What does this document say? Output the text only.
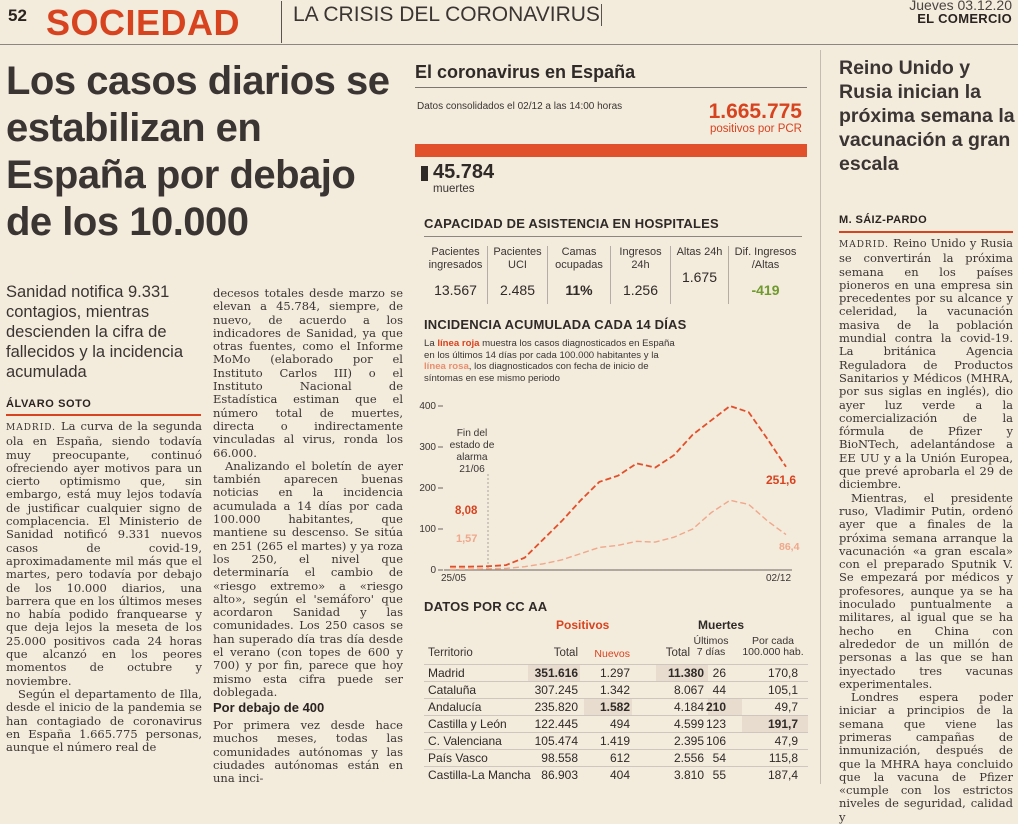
52 SOCIEDAD	LA CRISIS DEL CORONAVIRUS	Jueves 03.12.20
EL COMERCIO
Los casos diarios se estabilizan en España por debajo de los 10.000
Sanidad notifica 9.331 contagios, mientras descienden la cifra de fallecidos y la incidencia acumulada
ÁLVARO SOTO

MADRID. La curva de la segunda ola en España, siendo todavía muy preocupante, continuó ofreciendo ayer motivos para un cierto optimismo que, sin embargo, está muy lejos todavía de justificar cualquier signo de complacencia. El Ministerio de Sanidad notificó 9.331 nuevos casos de covid-19, aproximadamente mil más que el martes, pero todavía por debajo de los 10.000 diarios, una barrera que en los últimos meses no había podido franquearse y que deja lejos la meseta de los 25.000 positivos cada 24 horas que alcanzó en los peores momentos de octubre y noviembre.

Según el departamento de Illa, desde el inicio de la pandemia se han contagiado de coronavirus en España 1.665.775 personas, aunque el número real de

decesos totales desde marzo se elevan a 45.784, siempre, de nuevo, de acuerdo a los indicadores de Sanidad, ya que otras fuentes, como el Informe MoMo (elaborado por el Instituto Carlos III) o el Instituto Nacional de Estadística estiman que el número total de muertes, directa o indirectamente vinculadas al virus, ronda los 66.000.

Analizando el boletín de ayer también aparecen buenas noticias en la incidencia acumulada a 14 días por cada 100.000 habitantes, que mantiene su descenso. Se sitúa en 251 (265 el martes) y ya roza los 250, el nivel que determinaría el cambio de «riesgo extremo» a «riesgo alto», según el 'semáforo' que acordaron Sanidad y las comunidades. Los 250 casos se han superado día tras día desde el verano (con topes de 600 y 700) y por fin, parece que hoy mismo esta cifra puede ser doblegada.

Por debajo de 400

Por primera vez desde hace muchos meses, todas las comunidades autónomas y las ciudades autónomas están en una inci-

El coronavirus en España
Datos consolidados el 02/12 a las 14:00 horas	1.665.775
positivos por PCR
45.784
muertes
CAPACIDAD DE ASISTENCIA EN HOSPITALES
Pacientes ingresados
13.567
Pacientes UCI
2.485
Camas ocupadas
11%
Ingresos 24h
1.256
Altas 24h
1.675
Dif. Ingresos /Altas
-419
INCIDENCIA ACUMULADA CADA 14 DÍAS
La línea roja muestra los casos diagnosticados en España en los últimos 14 días por cada 100.000 habitantes y la línea rosa, los diagnosticados con fecha de inicio de síntomas en ese mismo periodo
0
100
200
300
400
Fin del estado de alarma 21/06
8,08
1,57
251,6
86,4
25/05	02/12
DATOS POR CC AA
Positivos	Muertes
Territorio	Total Nuevos	Total
Últimos 7 días
Por cada 100.000 hab.
Madrid	351.616 1.297	11.380 26	170,8
Cataluña	307.245 1.342	8.067 44	105,1
Andalucía	235.820 1.582	4.184 210	49,7
Castilla y León 122.445	494	4.599 123	191,7
C. Valenciana	105.474 1.419	2.395 106	47,9
País Vasco	98.558	612	2.556 54	115,8
Castilla-La Mancha 86.903	404	3.810 55	187,4
Reino Unido y Rusia inician la próxima semana la vacunación a gran escala
M. SÁIZ-PARDO

MADRID. Reino Unido y Rusia se convertirán la próxima semana en los países pioneros en una empresa sin precedentes por su alcance y celeridad, la vacunación masiva de la población mundial contra la covid-19. La británica Agencia Reguladora de Productos Sanitarios y Médicos (MHRA, por sus siglas en inglés), dio ayer luz verde a la comercialización de la fórmula de Pfizer y BioNTech, adelantándose a EE UU y a la Unión Europea, que prevé aprobarla el 29 de diciembre.

Mientras, el presidente ruso, Vladimir Putin, ordenó ayer que a finales de la próxima semana arranque la vacunación «a gran escala» con el preparado Sputnik V. Se empezará por médicos y profesores, aunque ya se ha inoculado puntualmente a militares, al igual que se ha hecho en China con alrededor de un millón de personas a las que se han inyectado tres vacunas experimentales.

Londres espera poder iniciar a principios de la semana que viene las primeras campañas de inmunización, después de que la MHRA haya concluido que la vacuna de Pfizer «cumple con los estrictos niveles de seguridad, calidad y
